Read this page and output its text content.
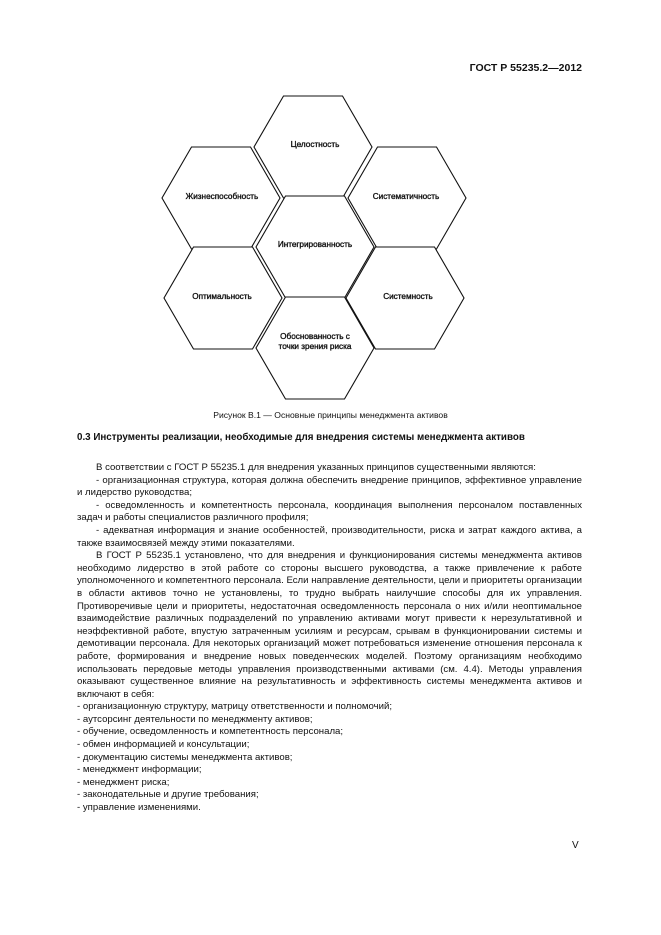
ГОСТ Р 55235.2—2012
Целостность
Жизнеспособность	Систематичность
Интегрированность
Оптимальность	Системность
Обоснованность с точки зрения риска
Рисунок В.1 — Основные принципы менеджмента активов
0.3 Инструменты реализации, необходимые для внедрения системы менеджмента активов

В соответствии с ГОСТ Р 55235.1 для внедрения указанных принципов существенными являются:

- организационная структура, которая должна обеспечить внедрение принципов, эффективное управление и лидерство руководства;
- осведомленность и компетентность персонала, координация выполнения персоналом поставленных задач и работы специалистов различного профиля;
- адекватная информация и знание особенностей, производительности, риска и затрат каждого актива, а также взаимосвязей между этими показателями.

В ГОСТ Р 55235.1 установлено, что для внедрения и функционирования системы менеджмента активов необходимо лидерство в этой работе со стороны высшего руководства, а также привлечение к работе уполномоченного и компетентного персонала. Если направление деятельности, цели и приоритеты организации в области активов точно не установлены, то трудно выбрать наилучшие способы для их управления. Противоречивые цели и приоритеты, недостаточная осведомленность персонала о них и/или неоптимальное взаимодействие различных подразделений по управлению активами могут привести к нерезультативной и неэффективной работе, впустую затраченным усилиям и ресурсам, срывам в функционировании системы и демотивации персонала. Для некоторых организаций может потребоваться изменение отношения персонала к работе, формирования и внедрение новых поведенческих моделей. Поэтому организациям необходимо использовать передовые методы управления производственными активами (см. 4.4). Методы управления оказывают существенное влияние на результативность и эффективность системы менеджмента активов и включают в себя:

- организационную структуру, матрицу ответственности и полномочий;
- аутсорсинг деятельности по менеджменту активов;
- обучение, осведомленность и компетентность персонала;
- обмен информацией и консультации;
- документацию системы менеджмента активов;
- менеджмент информации;
- менеджмент риска;
- законодательные и другие требования;
- управление изменениями.
V
